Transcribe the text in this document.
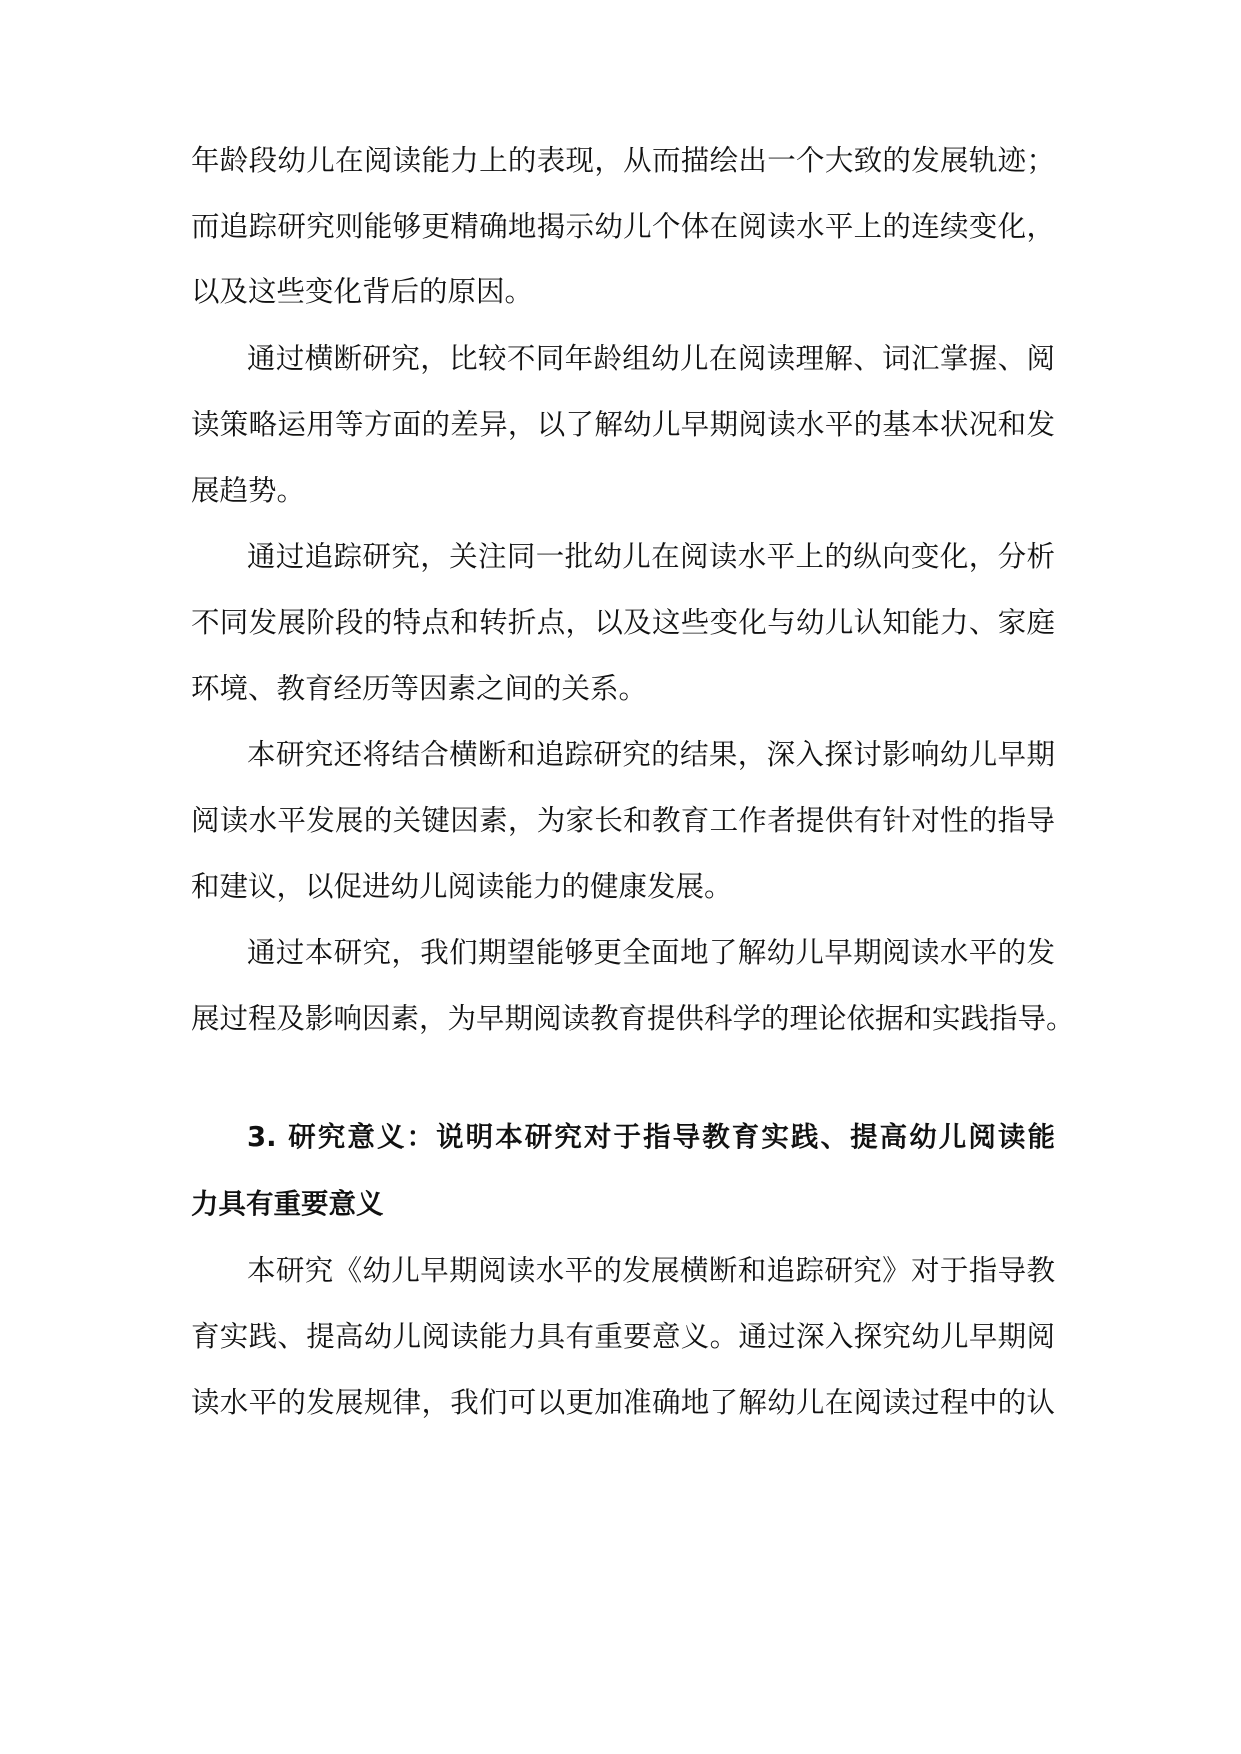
年龄段幼儿在阅读能力上的表现，从而描绘出一个大致的发展轨迹；
而追踪研究则能够更精确地揭示幼儿个体在阅读水平上的连续变化，
以及这些变化背后的原因。
通过横断研究，比较不同年龄组幼儿在阅读理解、词汇掌握、阅
读策略运用等方面的差异，以了解幼儿早期阅读水平的基本状况和发
展趋势。
通过追踪研究，关注同一批幼儿在阅读水平上的纵向变化，分析
不同发展阶段的特点和转折点，以及这些变化与幼儿认知能力、家庭
环境、教育经历等因素之间的关系。
本研究还将结合横断和追踪研究的结果，深入探讨影响幼儿早期
阅读水平发展的关键因素，为家长和教育工作者提供有针对性的指导
和建议，以促进幼儿阅读能力的健康发展。
通过本研究，我们期望能够更全面地了解幼儿早期阅读水平的发
展过程及影响因素，为早期阅读教育提供科学的理论依据和实践指导。
3. 研究意义：说明本研究对于指导教育实践、提高幼儿阅读能
力具有重要意义
本研究《幼儿早期阅读水平的发展横断和追踪研究》对于指导教
育实践、提高幼儿阅读能力具有重要意义。通过深入探究幼儿早期阅
读水平的发展规律，我们可以更加准确地了解幼儿在阅读过程中的认
